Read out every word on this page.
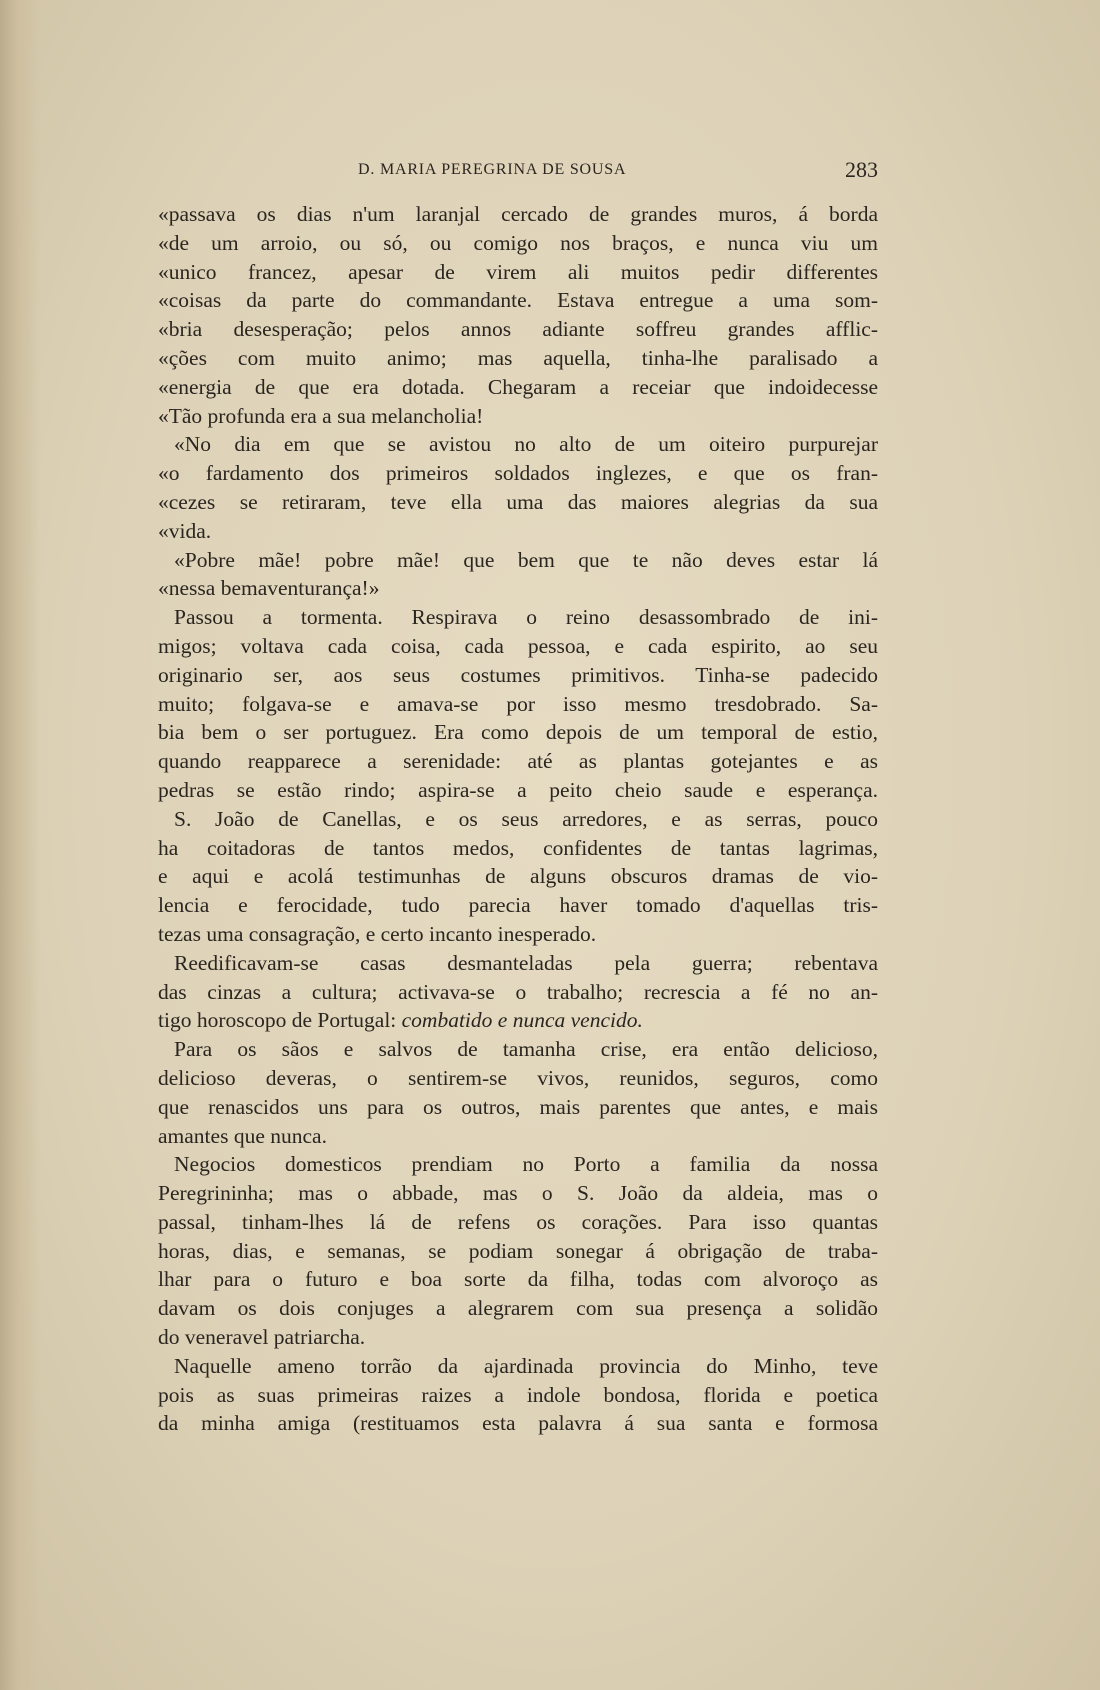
D. MARIA PEREGRINA DE SOUSA	283
«passava os dias n'um laranjal cercado de grandes muros, á borda
«de um arroio, ou só, ou comigo nos braços, e nunca viu um
«unico francez, apesar de virem ali muitos pedir differentes
«coisas da parte do commandante. Estava entregue a uma som-
«bria desesperação; pelos annos adiante soffreu grandes afflic-
«ções com muito animo; mas aquella, tinha-lhe paralisado a
«energia de que era dotada. Chegaram a receiar que indoidecesse
«Tão profunda era a sua melancholia!
«No dia em que se avistou no alto de um oiteiro purpurejar
«o fardamento dos primeiros soldados inglezes, e que os fran-
«cezes se retiraram, teve ella uma das maiores alegrias da sua
«vida.
«Pobre mãe! pobre mãe! que bem que te não deves estar lá
«nessa bemaventurança!»
Passou a tormenta. Respirava o reino desassombrado de ini-
migos; voltava cada coisa, cada pessoa, e cada espirito, ao seu
originario ser, aos seus costumes primitivos. Tinha-se padecido
muito; folgava-se e amava-se por isso mesmo tresdobrado. Sa-
bia bem o ser portuguez. Era como depois de um temporal de estio,
quando reapparece a serenidade: até as plantas gotejantes e as
pedras se estão rindo; aspira-se a peito cheio saude e esperança.
S. João de Canellas, e os seus arredores, e as serras, pouco
ha coitadoras de tantos medos, confidentes de tantas lagrimas,
e aqui e acolá testimunhas de alguns obscuros dramas de vio-
lencia e ferocidade, tudo parecia haver tomado d'aquellas tris-
tezas uma consagração, e certo incanto inesperado.
Reedificavam-se casas desmanteladas pela guerra; rebentava
das cinzas a cultura; activava-se o trabalho; recrescia a fé no an-
tigo horoscopo de Portugal: combatido e nunca vencido.
Para os sãos e salvos de tamanha crise, era então delicioso,
delicioso deveras, o sentirem-se vivos, reunidos, seguros, como
que renascidos uns para os outros, mais parentes que antes, e mais
amantes que nunca.
Negocios domesticos prendiam no Porto a familia da nossa
Peregrininha; mas o abbade, mas o S. João da aldeia, mas o
passal, tinham-lhes lá de refens os corações. Para isso quantas
horas, dias, e semanas, se podiam sonegar á obrigação de traba-
lhar para o futuro e boa sorte da filha, todas com alvoroço as
davam os dois conjuges a alegrarem com sua presença a solidão
do veneravel patriarcha.
Naquelle ameno torrão da ajardinada provincia do Minho, teve
pois as suas primeiras raizes a indole bondosa, florida e poetica
da minha amiga (restituamos esta palavra á sua santa e formosa
